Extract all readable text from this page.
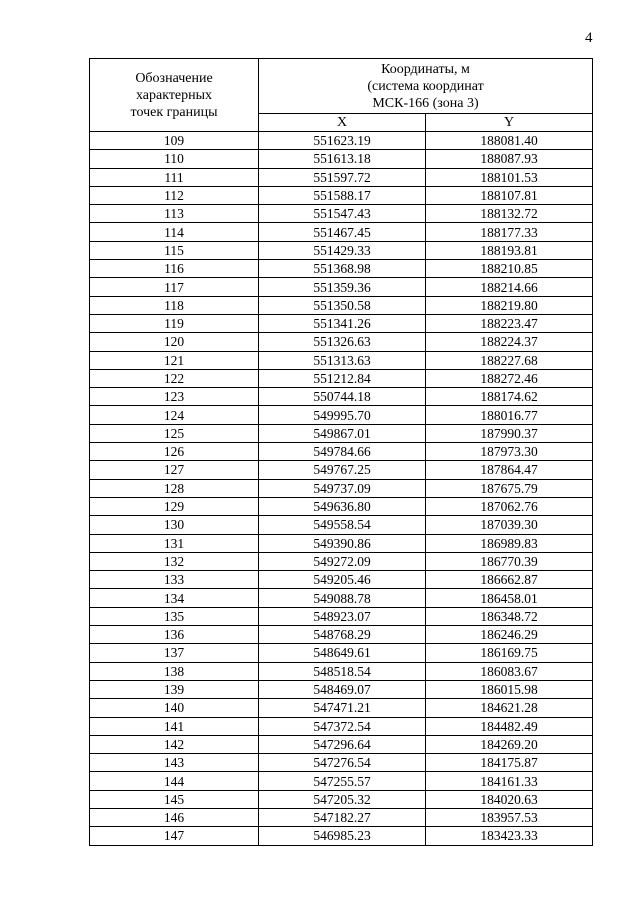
4
Обозначение
характерных
точек границы	Координаты, м
(система координат
МСК-166 (зона 3)	

	X	Y
109	551623.19	188081.40
110	551613.18	188087.93
111	551597.72	188101.53
112	551588.17	188107.81
113	551547.43	188132.72
114	551467.45	188177.33
115	551429.33	188193.81
116	551368.98	188210.85
117	551359.36	188214.66
118	551350.58	188219.80
119	551341.26	188223.47
120	551326.63	188224.37
121	551313.63	188227.68
122	551212.84	188272.46
123	550744.18	188174.62
124	549995.70	188016.77
125	549867.01	187990.37
126	549784.66	187973.30
127	549767.25	187864.47
128	549737.09	187675.79
129	549636.80	187062.76
130	549558.54	187039.30
131	549390.86	186989.83
132	549272.09	186770.39
133	549205.46	186662.87
134	549088.78	186458.01
135	548923.07	186348.72
136	548768.29	186246.29
137	548649.61	186169.75
138	548518.54	186083.67
139	548469.07	186015.98
140	547471.21	184621.28
141	547372.54	184482.49
142	547296.64	184269.20
143	547276.54	184175.87
144	547255.57	184161.33
145	547205.32	184020.63
146	547182.27	183957.53
147	546985.23	183423.33
